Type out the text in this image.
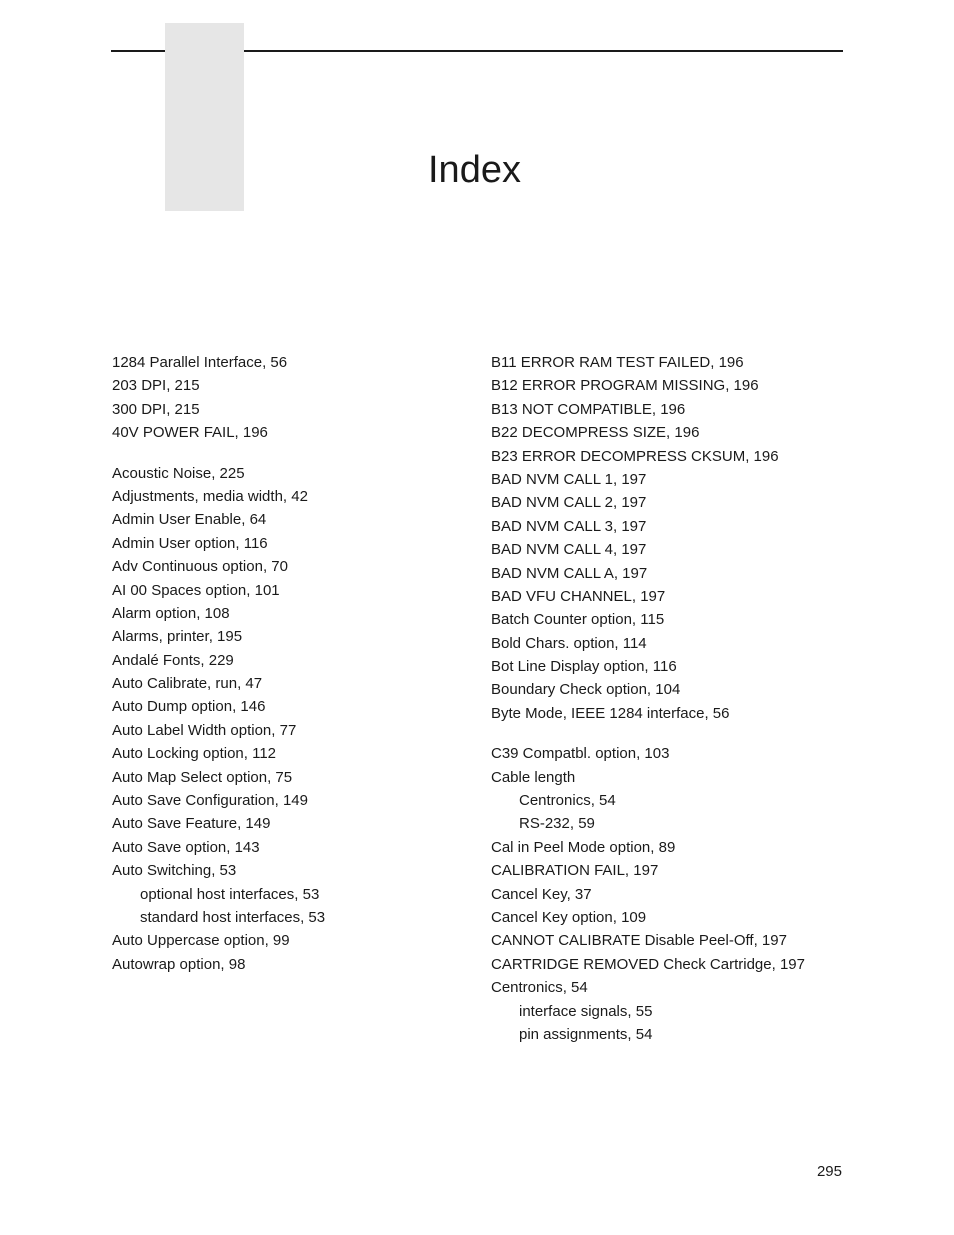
Index
1284 Parallel Interface, 56
203 DPI, 215
300 DPI, 215
40V POWER FAIL, 196
Acoustic Noise, 225
Adjustments, media width, 42
Admin User Enable, 64
Admin User option, 116
Adv Continuous option, 70
AI 00 Spaces option, 101
Alarm option, 108
Alarms, printer, 195
Andalé Fonts, 229
Auto Calibrate, run, 47
Auto Dump option, 146
Auto Label Width option, 77
Auto Locking option, 112
Auto Map Select option, 75
Auto Save Configuration, 149
Auto Save Feature, 149
Auto Save option, 143
Auto Switching, 53
optional host interfaces, 53
standard host interfaces, 53
Auto Uppercase option, 99
Autowrap option, 98
B11 ERROR RAM TEST FAILED, 196
B12 ERROR PROGRAM MISSING, 196
B13 NOT COMPATIBLE, 196
B22 DECOMPRESS SIZE, 196
B23 ERROR DECOMPRESS CKSUM, 196
BAD NVM CALL 1, 197
BAD NVM CALL 2, 197
BAD NVM CALL 3, 197
BAD NVM CALL 4, 197
BAD NVM CALL A, 197
BAD VFU CHANNEL, 197
Batch Counter option, 115
Bold Chars. option, 114
Bot Line Display option, 116
Boundary Check option, 104
Byte Mode, IEEE 1284 interface, 56
C39 Compatbl. option, 103
Cable length
Centronics, 54
RS-232, 59
Cal in Peel Mode option, 89
CALIBRATION FAIL, 197
Cancel Key, 37
Cancel Key option, 109
CANNOT CALIBRATE Disable Peel-Off, 197
CARTRIDGE REMOVED Check Cartridge, 197
Centronics, 54
interface signals, 55
pin assignments, 54
295
